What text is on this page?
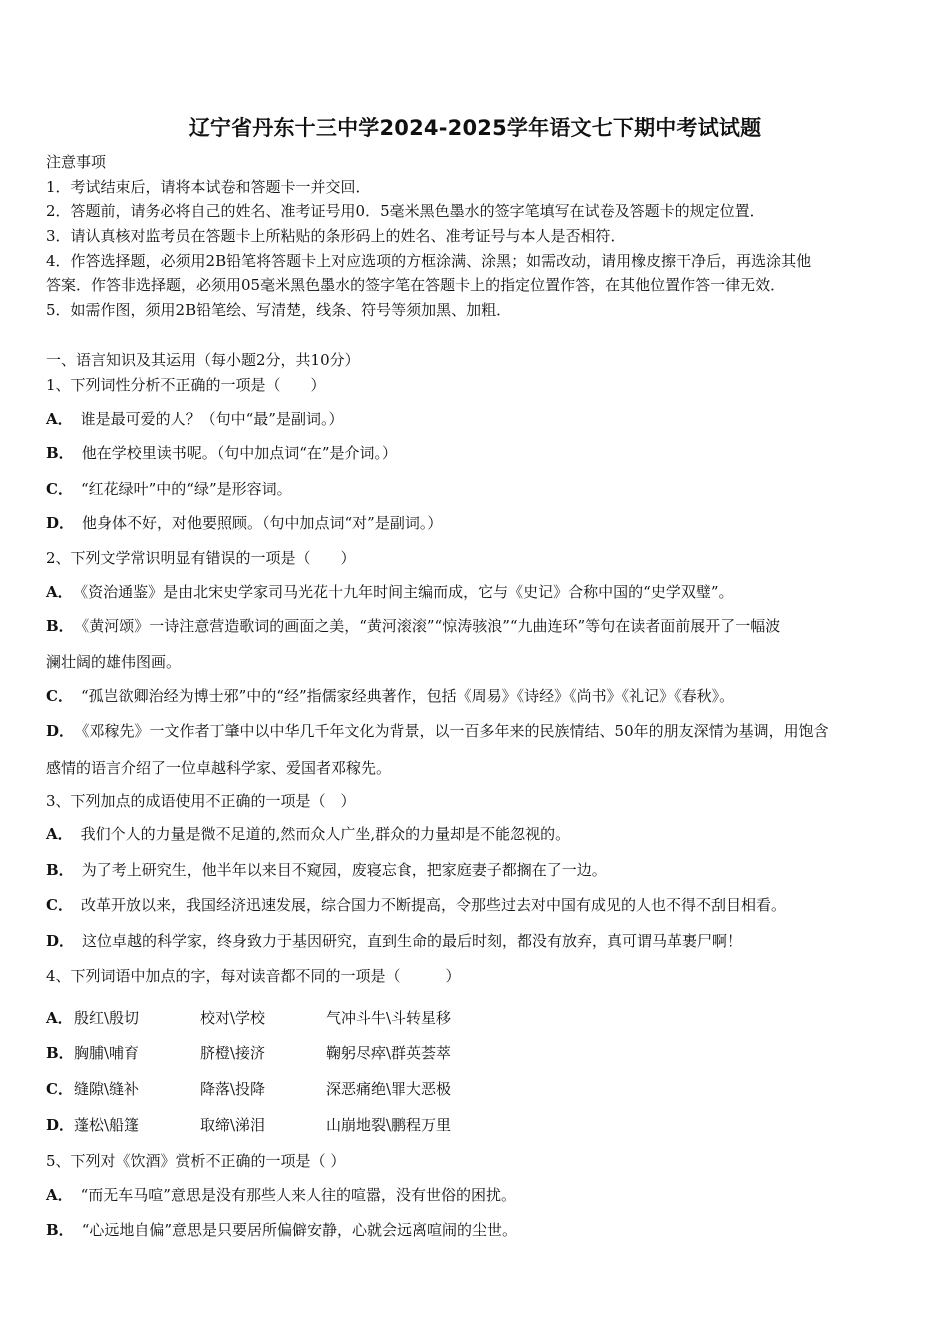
辽宁省丹东十三中学2024-2025学年语文七下期中考试试题
注意事项
1．考试结束后，请将本试卷和答题卡一并交回．
2．答题前，请务必将自己的姓名、准考证号用0．5毫米黑色墨水的签字笔填写在试卷及答题卡的规定位置．
3．请认真核对监考员在答题卡上所粘贴的条形码上的姓名、准考证号与本人是否相符．
4．作答选择题，必须用2B铅笔将答题卡上对应选项的方框涂满、涂黑；如需改动，请用橡皮擦干净后，再选涂其他
答案．作答非选择题，必须用05毫米黑色墨水的签字笔在答题卡上的指定位置作答，在其他位置作答一律无效．
5．如需作图，须用2B铅笔绘、写清楚，线条、符号等须加黑、加粗．
一、语言知识及其运用（每小题2分，共10分）
1、下列词性分析不正确的一项是（　　）
A． 谁是最可爱的人？（句中“最”是副词。）
B． 他在学校里读书呢。（句中加点词“在”是介词。）
C． “红花绿叶”中的“绿”是形容词。
D． 他身体不好，对他要照顾。（句中加点词“对”是副词。）
2、下列文学常识明显有错误的一项是（　　）
A． 《资治通鉴》是由北宋史学家司马光花十九年时间主编而成，它与《史记》合称中国的“史学双璧”。
B． 《黄河颂》一诗注意营造歌词的画面之美，“黄河滚滚”“惊涛骇浪”“九曲连环”等句在读者面前展开了一幅波
澜壮阔的雄伟图画。
C． “孤岂欲卿治经为博士邪”中的“经”指儒家经典著作，包括《周易》《诗经》《尚书》《礼记》《春秋》。
D． 《邓稼先》一文作者丁肇中以中华几千年文化为背景，以一百多年来的民族情结、50年的朋友深情为基调，用饱含
感情的语言介绍了一位卓越科学家、爱国者邓稼先。
3、下列加点的成语使用不正确的一项是（　）
A． 我们个人的力量是微不足道的,然而众人广坐,群众的力量却是不能忽视的。
B． 为了考上研究生，他半年以来目不窥园，废寝忘食，把家庭妻子都搁在了一边。
C． 改革开放以来，我国经济迅速发展，综合国力不断提高，令那些过去对中国有成见的人也不得不刮目相看。
D． 这位卓越的科学家，终身致力于基因研究，直到生命的最后时刻，都没有放弃，真可谓马革裹尸啊！
4、下列词语中加点的字，每对读音都不同的一项是（　　　）
A．殷红\殷切	校对\学校	气冲斗牛\斗转星移
B．胸脯\哺育	脐橙\接济	鞠躬尽瘁\群英荟萃
C．缝隙\缝补	降落\投降	深恶痛绝\罪大恶极
D．蓬松\船篷	取缔\涕泪	山崩地裂\鹏程万里
5、下列对《饮酒》赏析不正确的一项是（ ）
A． “而无车马喧”意思是没有那些人来人往的喧嚣，没有世俗的困扰。
B． “心远地自偏”意思是只要居所偏僻安静，心就会远离喧闹的尘世。
